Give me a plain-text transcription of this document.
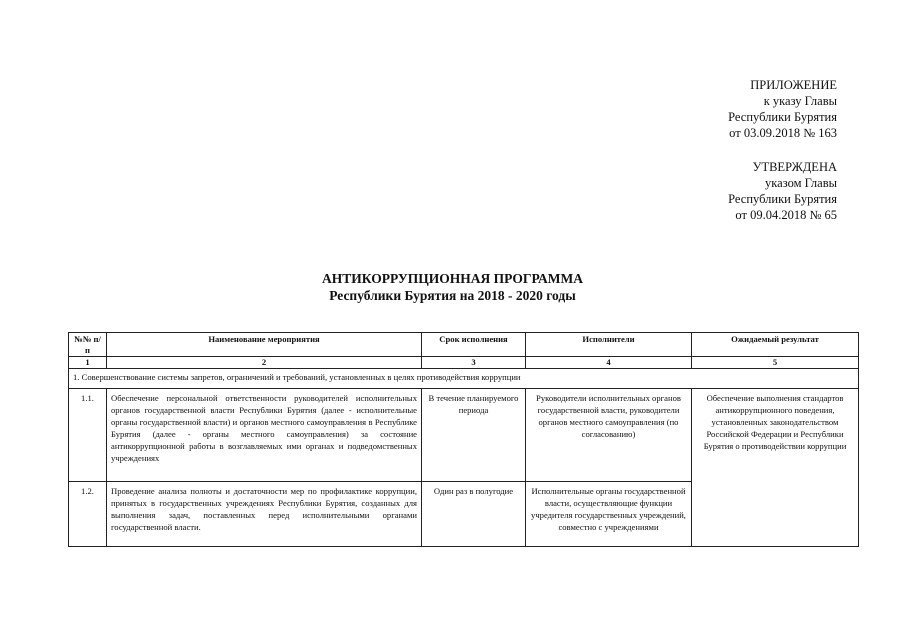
ПРИЛОЖЕНИЕ
к указу Главы
Республики Бурятия
от 03.09.2018 № 163
УТВЕРЖДЕНА
указом Главы
Республики Бурятия
от 09.04.2018 № 65
АНТИКОРРУПЦИОННАЯ ПРОГРАММА
Республики Бурятия на 2018 - 2020 годы
№№ п/п	Наименование мероприятия	Срок исполнения	Исполнители	Ожидаемый результат
1	2	3	4	5
1. Совершенствование системы запретов, ограничений и требований, установленных в целях противодействия коррупции				
1.1.	Обеспечение персональной ответственности руководителей исполнительных органов государственной власти Республики Бурятия (далее - исполнительные органы государственной власти) и органов местного самоуправления в Республике Бурятия (далее - органы местного самоуправления) за состояние антикоррупционной работы в возглавляемых ими органах и подведомственных учреждениях	В течение планируемого периода	Руководители исполнительных органов государственной власти, руководители органов местного самоуправления (по согласованию)	Обеспечение выполнения стандартов антикоррупционного поведения, установленных законодательством Российской Федерации и Республики Бурятия о противодействии коррупции
1.2.	Проведение анализа полноты и достаточности мер по профилактике коррупции, принятых в государственных учреждениях Республики Бурятия, созданных для выполнения задач, поставленных перед исполнительными органами государственной власти.	Один раз в полугодие	Исполнительные органы государственной власти, осуществляющие функции учредителя государственных учреждений, совместно с учреждениями	
